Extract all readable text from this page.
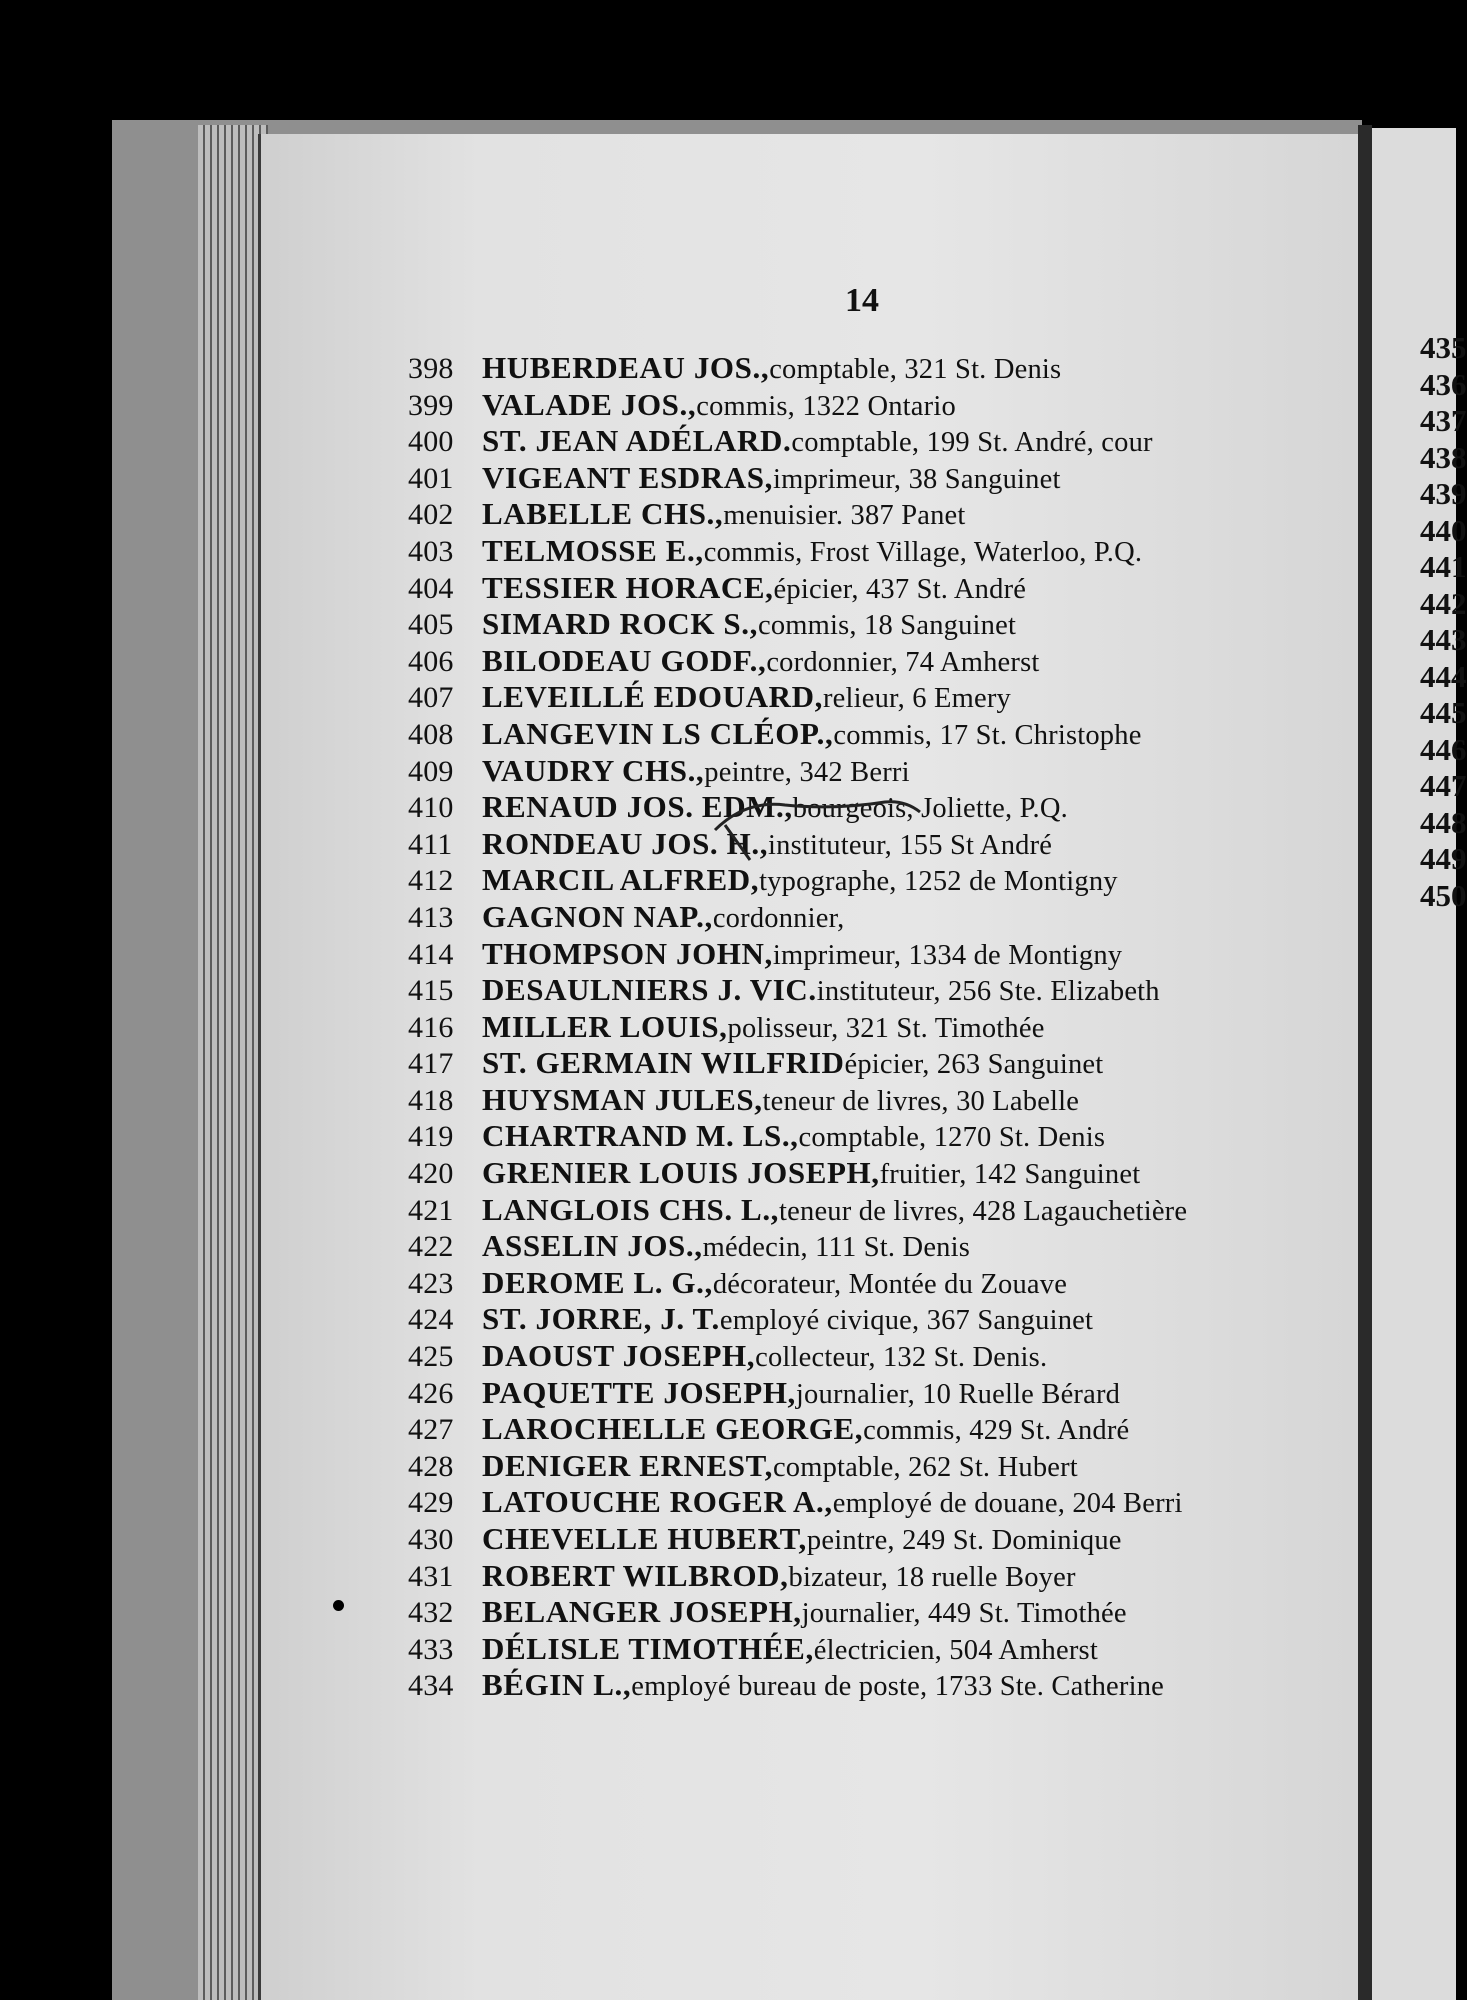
14
398 HUBERDEAU JOS., comptable, 321 St. Denis
399 VALADE JOS., commis, 1322 Ontario
400 ST. JEAN ADÉLARD. comptable, 199 St. André, cour
401 VIGEANT ESDRAS, imprimeur, 38 Sanguinet
402 LABELLE CHS., menuisier. 387 Panet
403 TELMOSSE E., commis, Frost Village, Waterloo, P.Q.
404 TESSIER HORACE, épicier, 437 St. André
405 SIMARD ROCK S., commis, 18 Sanguinet
406 BILODEAU GODF., cordonnier, 74 Amherst
407 LEVEILLÉ EDOUARD, relieur, 6 Emery
408 LANGEVIN LS CLÉOP., commis, 17 St. Christophe
409 VAUDRY CHS., peintre, 342 Berri
410 RENAUD JOS. EDM., bourgeois, Joliette, P.Q.
411 RONDEAU JOS. H., instituteur, 155 St André
412 MARCIL ALFRED, typographe, 1252 de Montigny
413 GAGNON NAP., cordonnier,
414 THOMPSON JOHN, imprimeur, 1334 de Montigny
415 DESAULNIERS J. VIC. instituteur, 256 Ste. Elizabeth
416 MILLER LOUIS, polisseur, 321 St. Timothée
417 ST. GERMAIN WILFRID épicier, 263 Sanguinet
418 HUYSMAN JULES, teneur de livres, 30 Labelle
419 CHARTRAND M. LS., comptable, 1270 St. Denis
420 GRENIER LOUIS JOSEPH, fruitier, 142 Sanguinet
421 LANGLOIS CHS. L., teneur de livres, 428 Lagauchetière
422 ASSELIN JOS., médecin, 111 St. Denis
423 DEROME L. G., décorateur, Montée du Zouave
424 ST. JORRE, J. T. employé civique, 367 Sanguinet
425 DAOUST JOSEPH, collecteur, 132 St. Denis.
426 PAQUETTE JOSEPH, journalier, 10 Ruelle Bérard
427 LAROCHELLE GEORGE, commis, 429 St. André
428 DENIGER ERNEST, comptable, 262 St. Hubert
429 LATOUCHE ROGER A., employé de douane, 204 Berri
430 CHEVELLE HUBERT, peintre, 249 St. Dominique
431 ROBERT WILBROD, bizateur, 18 ruelle Boyer
432 BELANGER JOSEPH, journalier, 449 St. Timothée
433 DÉLISLE TIMOTHÉE, électricien, 504 Amherst
434 BÉGIN L., employé bureau de poste, 1733 Ste. Catherine
435
436
437
438
439
440
441
442
443
444
445
446
447
448
449
450
